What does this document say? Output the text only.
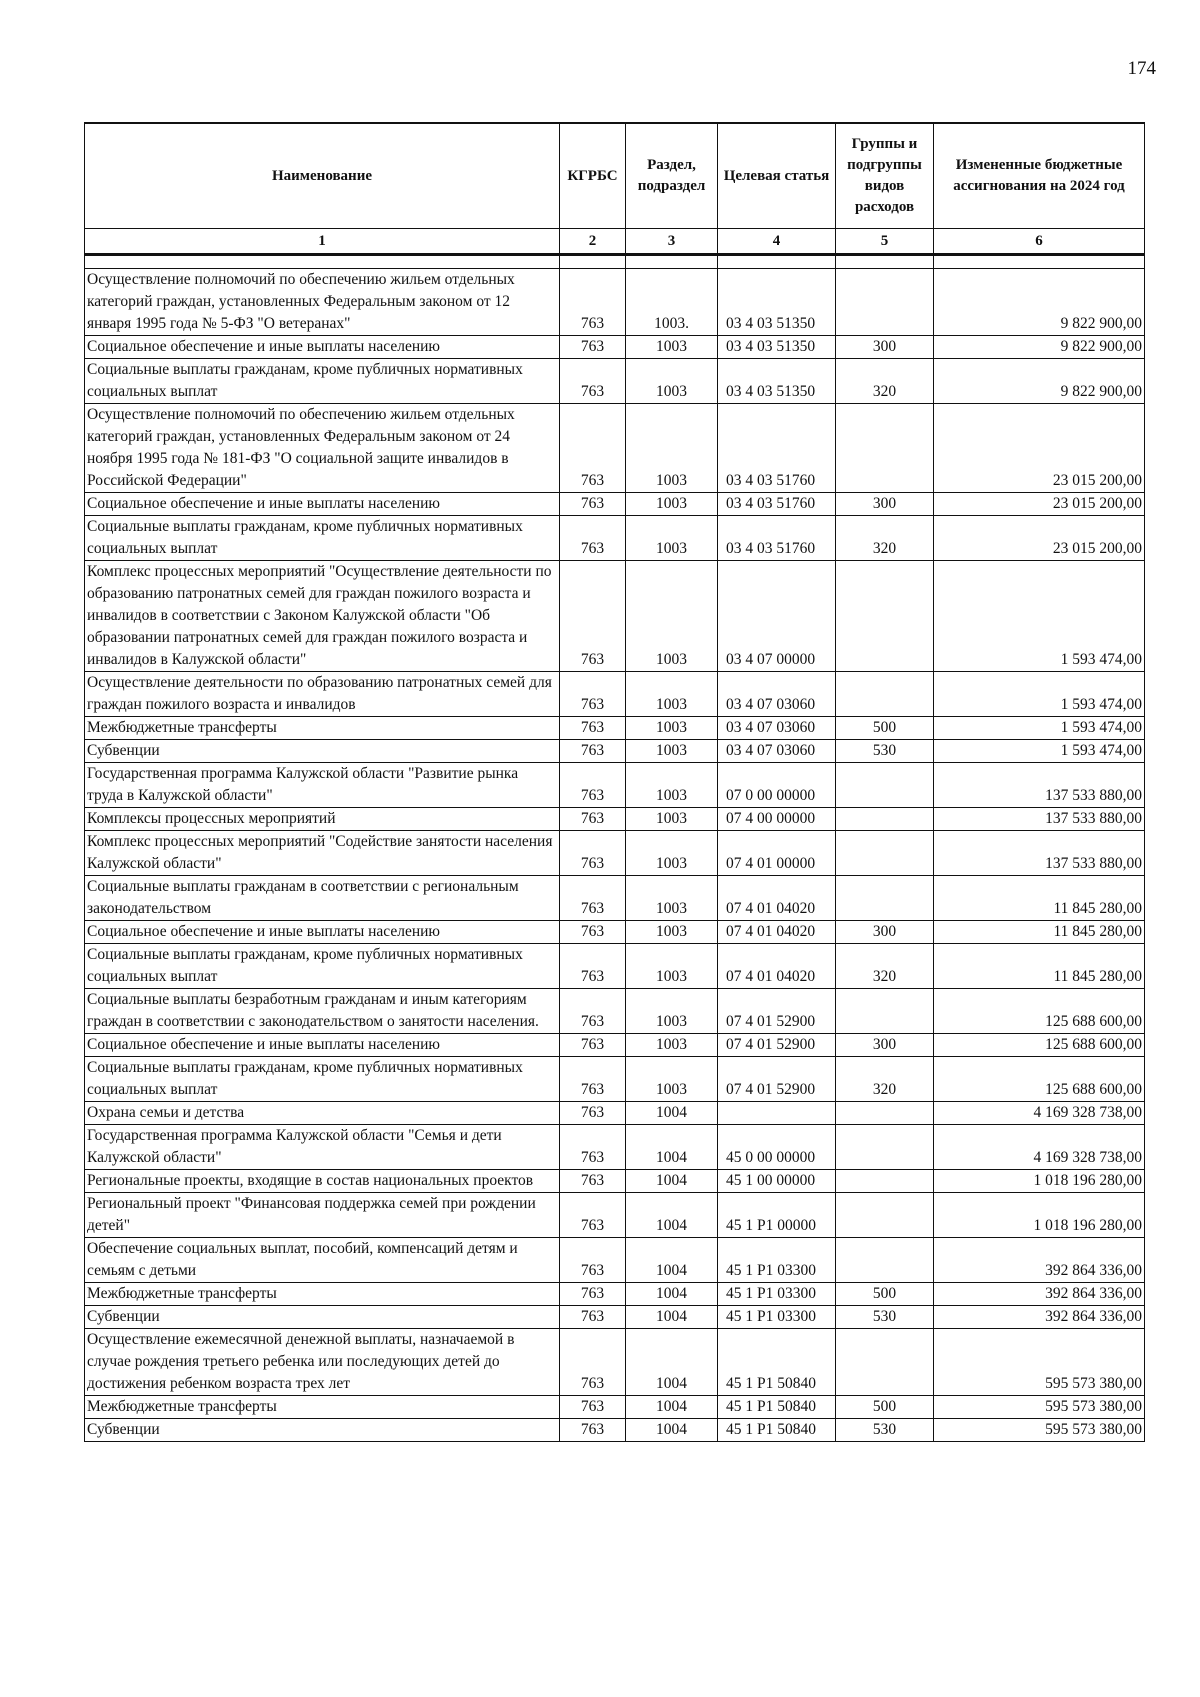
174
Наименование	КГРБС	Раздел, подраздел	Целевая статья	Группы и подгруппы видов расходов	Измененные бюджетные ассигнования на 2024 год
1	2	3	4	5	6

Осуществление полномочий по обеспечению жильем отдельных категорий граждан, установленных Федеральным законом от 12 января 1995 года № 5-ФЗ "О ветеранах"	763	1003.	03 4 03 51350		9 822 900,00
Социальное обеспечение и иные выплаты населению	763	1003	03 4 03 51350	300	9 822 900,00
Социальные выплаты гражданам, кроме публичных нормативных социальных выплат	763	1003	03 4 03 51350	320	9 822 900,00
Осуществление полномочий по обеспечению жильем отдельных категорий граждан, установленных Федеральным законом от 24 ноября 1995 года № 181-ФЗ "О социальной защите инвалидов в Российской Федерации"	763	1003	03 4 03 51760		23 015 200,00
Социальное обеспечение и иные выплаты населению	763	1003	03 4 03 51760	300	23 015 200,00
Социальные выплаты гражданам, кроме публичных нормативных социальных выплат	763	1003	03 4 03 51760	320	23 015 200,00
Комплекс процессных мероприятий "Осуществление деятельности по образованию патронатных семей для граждан пожилого возраста и инвалидов в соответствии с Законом Калужской области "Об образовании патронатных семей для граждан пожилого возраста и инвалидов в Калужской области"	763	1003	03 4 07 00000		1 593 474,00
Осуществление деятельности по образованию патронатных семей для граждан пожилого возраста и инвалидов	763	1003	03 4 07 03060		1 593 474,00
Межбюджетные трансферты	763	1003	03 4 07 03060	500	1 593 474,00
Субвенции	763	1003	03 4 07 03060	530	1 593 474,00
Государственная программа Калужской области "Развитие рынка труда в Калужской области"	763	1003	07 0 00 00000		137 533 880,00
Комплексы процессных мероприятий	763	1003	07 4 00 00000		137 533 880,00
Комплекс процессных мероприятий "Содействие занятости населения Калужской области"	763	1003	07 4 01 00000		137 533 880,00
Социальные выплаты гражданам в соответствии с региональным законодательством	763	1003	07 4 01 04020		11 845 280,00
Социальное обеспечение и иные выплаты населению	763	1003	07 4 01 04020	300	11 845 280,00
Социальные выплаты гражданам, кроме публичных нормативных социальных выплат	763	1003	07 4 01 04020	320	11 845 280,00
Социальные выплаты безработным гражданам и иным категориям граждан в соответствии с законодательством о занятости населения.	763	1003	07 4 01 52900		125 688 600,00
Социальное обеспечение и иные выплаты населению	763	1003	07 4 01 52900	300	125 688 600,00
Социальные выплаты гражданам, кроме публичных нормативных социальных выплат	763	1003	07 4 01 52900	320	125 688 600,00
Охрана семьи и детства	763	1004			4 169 328 738,00
Государственная программа Калужской области "Семья и дети Калужской области"	763	1004	45 0 00 00000		4 169 328 738,00
Региональные проекты, входящие в состав национальных проектов	763	1004	45 1 00 00000		1 018 196 280,00
Региональный проект "Финансовая поддержка семей при рождении детей"	763	1004	45 1 P1 00000		1 018 196 280,00
Обеспечение социальных выплат, пособий, компенсаций детям и семьям с детьми	763	1004	45 1 P1 03300		392 864 336,00
Межбюджетные трансферты	763	1004	45 1 P1 03300	500	392 864 336,00
Субвенции	763	1004	45 1 P1 03300	530	392 864 336,00
Осуществление ежемесячной денежной выплаты, назначаемой в случае рождения третьего ребенка или последующих детей до достижения ребенком возраста трех лет	763	1004	45 1 P1 50840		595 573 380,00
Межбюджетные трансферты	763	1004	45 1 P1 50840	500	595 573 380,00
Субвенции	763	1004	45 1 P1 50840	530	595 573 380,00
